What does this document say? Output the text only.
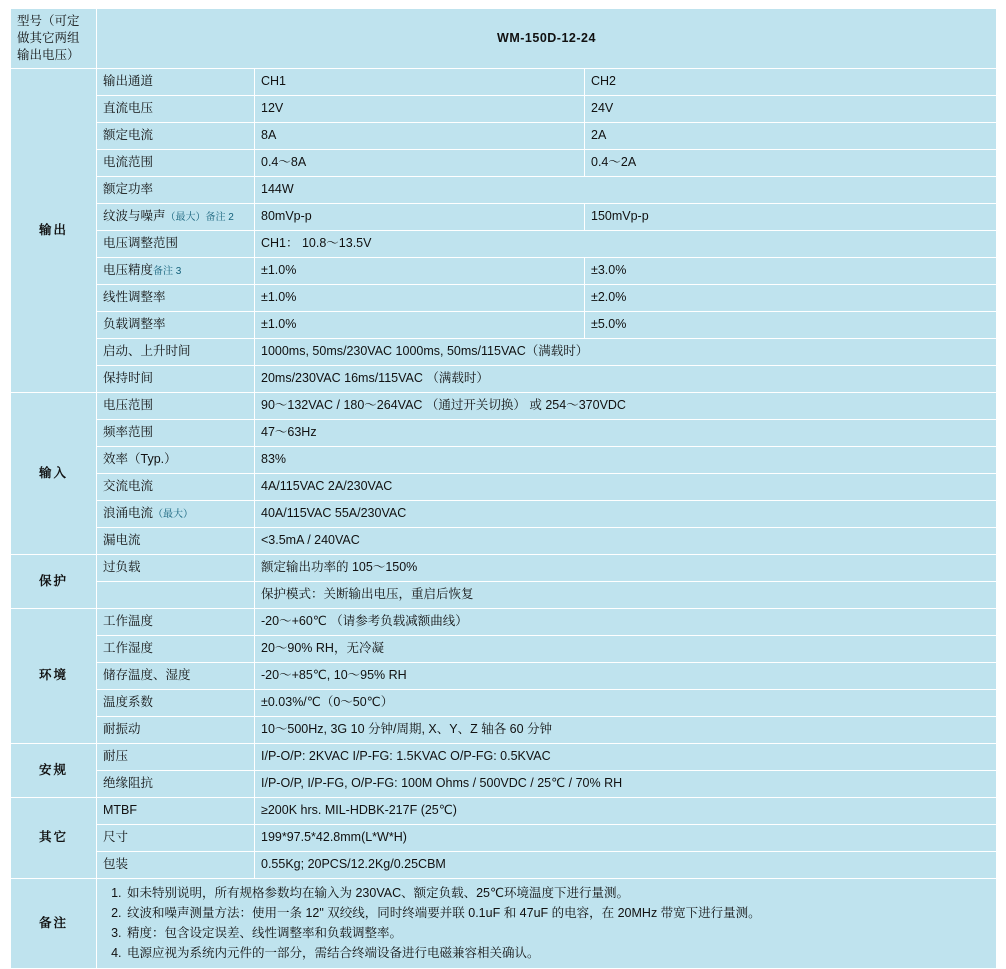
型号（可定做其它两组输出电压）	WM-150D-12-24		
输出	输出通道	CH1	CH2
	直流电压	12V	24V
	额定电流	8A	2A
	电流范围	0.4～8A	0.4～2A
	额定功率	144W	
	纹波与噪声（最大）备注 2	80mVp-p	150mVp-p
	电压调整范围	CH1： 10.8～13.5V	
	电压精度备注 3	±1.0%	±3.0%
	线性调整率	±1.0%	±2.0%
	负载调整率	±1.0%	±5.0%
	启动、上升时间	1000ms, 50ms/230VAC 1000ms, 50ms/115VAC（满载时）	
	保持时间	20ms/230VAC 16ms/115VAC （满载时）	
输入	电压范围	90～132VAC / 180～264VAC （通过开关切换） 或 254～370VDC	
	频率范围	47～63Hz	
	效率（Typ.）	83%	
	交流电流	4A/115VAC 2A/230VAC	
	浪涌电流（最大）	40A/115VAC 55A/230VAC	
	漏电流	<3.5mA / 240VAC	
保护	过负载	额定输出功率的 105～150%	
		保护模式：关断输出电压，重启后恢复	
环境	工作温度	-20～+60℃ （请参考负载减额曲线）	
	工作湿度	20～90% RH，无冷凝	
	储存温度、湿度	-20～+85℃, 10～95% RH	
	温度系数	±0.03%/℃（0～50℃）	
	耐振动	10～500Hz, 3G 10 分钟/周期, X、Y、Z 轴各 60 分钟	
安规	耐压	I/P-O/P: 2KVAC I/P-FG: 1.5KVAC O/P-FG: 0.5KVAC	
	绝缘阻抗	I/P-O/P, I/P-FG, O/P-FG: 100M Ohms / 500VDC / 25℃ / 70% RH	
其它	MTBF	≥200K hrs. MIL-HDBK-217F (25℃)	
	尺寸	199*97.5*42.8mm(L*W*H)	
	包装	0.55Kg; 20PCS/12.2Kg/0.25CBM	
备注	
1. 如未特别说明，所有规格参数均在输入为 230VAC、额定负载、25℃环境温度下进行量测。
2. 纹波和噪声测量方法：使用一条 12" 双绞线，同时终端要并联 0.1uF 和 47uF 的电容，在 20MHz 带宽下进行量测。
3. 精度：包含设定误差、线性调整率和负载调整率。
4. 电源应视为系统内元件的一部分，需结合终端设备进行电磁兼容相关确认。
